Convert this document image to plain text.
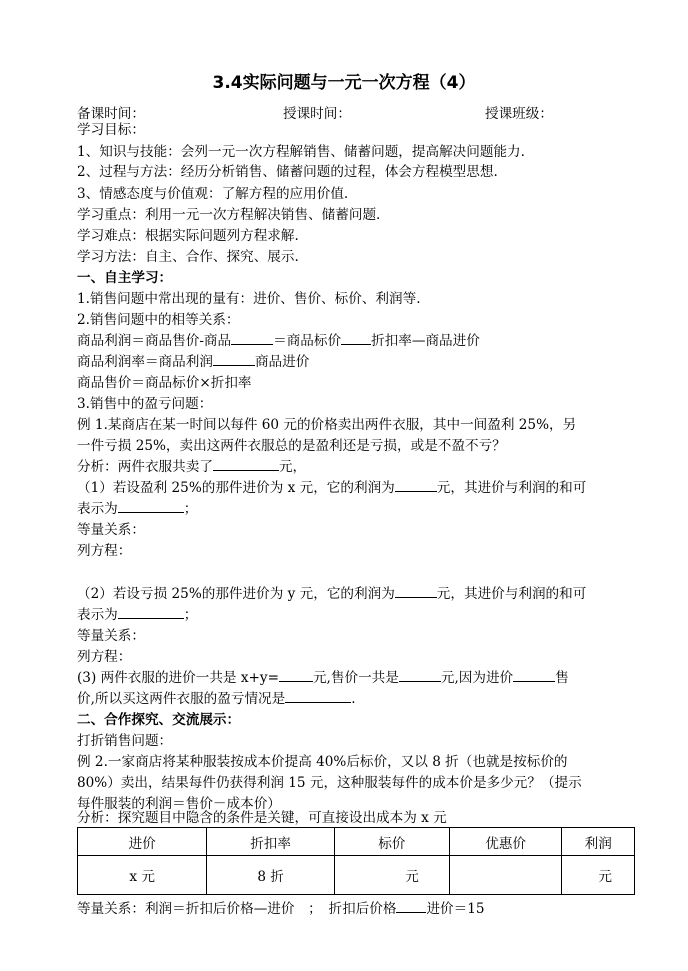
3.4实际问题与一元一次方程（4）
备课时间：	授课时间：	授课班级：
学习目标：
1、知识与技能：会列一元一次方程解销售、储蓄问题，提高解决问题能力.
2、过程与方法：经历分析销售、储蓄问题的过程，体会方程模型思想.
3、情感态度与价值观：了解方程的应用价值.
学习重点：利用一元一次方程解决销售、储蓄问题.
学习难点：根据实际问题列方程求解.
学习方法：自主、合作、探究、展示.
一、自主学习：
1.销售问题中常出现的量有：进价、售价、标价、利润等.
2.销售问题中的相等关系：
商品利润＝商品售价-商品	＝商品标价 折扣率—商品进价
商品利润率＝商品利润	商品进价
商品售价＝商品标价×折扣率
3.销售中的盈亏问题：
例 1.某商店在某一时间以每件 60 元的价格卖出两件衣服，其中一间盈利 25%，另
一件亏损 25%，卖出这两件衣服总的是盈利还是亏损，或是不盈不亏？
分析：两件衣服共卖了	元，
（1）若设盈利 25%的那件进价为 x 元，它的利润为	元，其进价与利润的和可
表示为	；
等量关系：
列方程：
（2）若设亏损 25%的那件进价为 y 元，它的利润为	元，其进价与利润的和可
表示为	；
等量关系：
列方程：
(3) 两件衣服的进价一共是 x+y=	元,售价一共是	元,因为进价	售
价,所以买这两件衣服的盈亏情况是	.
二、合作探究、交流展示：
打折销售问题：
例 2.一家商店将某种服装按成本价提高 40%后标价，又以 8 折（也就是按标价的
80%）卖出，结果每件仍获得利润 15 元，这种服装每件的成本价是多少元？（提示
每件服装的利润＝售价－成本价）
分析：探究题目中隐含的条件是关键，可直接设出成本为 x 元
进价	折扣率	标价	优惠价	利润
x 元	8 折	元		元
等量关系：利润＝折扣后价格—进价　；　折扣后价格 进价＝15
